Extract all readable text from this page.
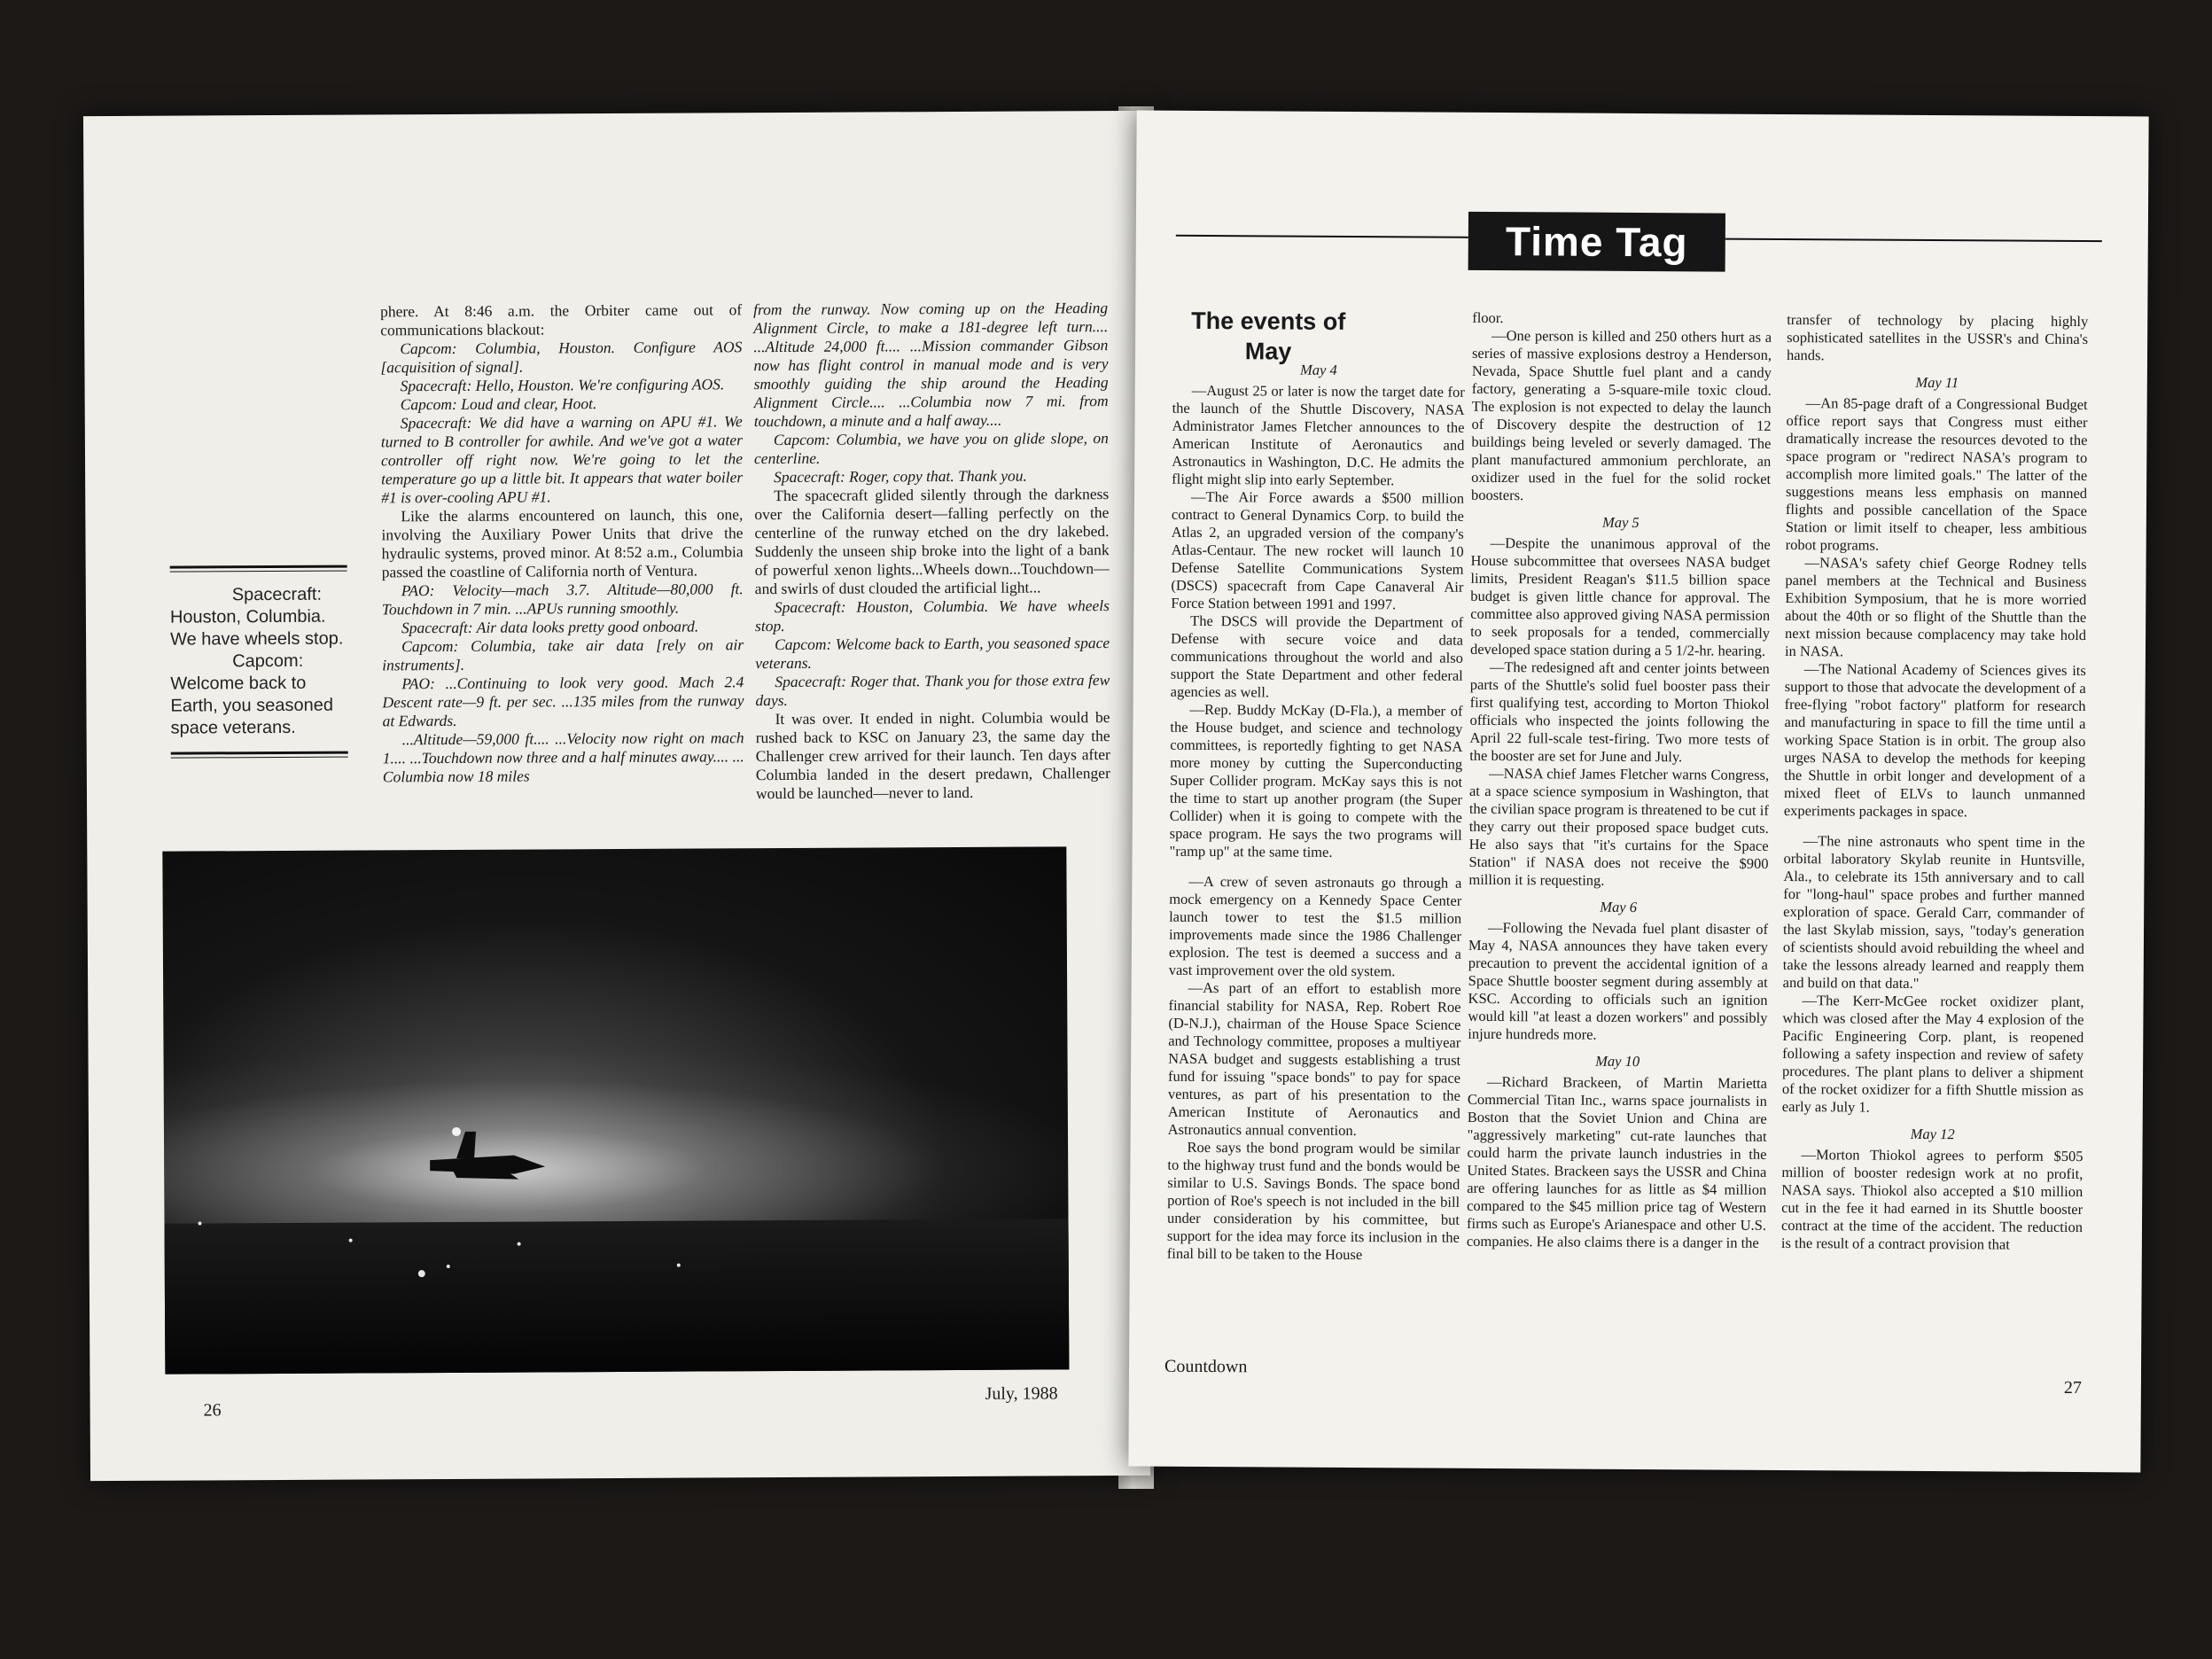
phere. At 8:46 a.m. the Orbiter came out of communications blackout:

Capcom: Columbia, Houston. Configure AOS [acquisition of signal].

Spacecraft: Hello, Houston. We're configuring AOS.

Capcom: Loud and clear, Hoot.

Spacecraft: We did have a warning on APU #1. We turned to B controller for awhile. And we've got a water controller off right now. We're going to let the temperature go up a little bit. It appears that water boiler #1 is over-cooling APU #1.

Like the alarms encountered on launch, this one, involving the Auxiliary Power Units that drive the hydraulic systems, proved minor. At 8:52 a.m., Columbia passed the coastline of California north of Ventura.

PAO: Velocity—mach 3.7. Altitude—80,000 ft. Touchdown in 7 min. ...APUs running smoothly.

Spacecraft: Air data looks pretty good onboard.

Capcom: Columbia, take air data [rely on air instruments].

PAO: ...Continuing to look very good. Mach 2.4 Descent rate—9 ft. per sec. ...135 miles from the runway at Edwards.

...Altitude—59,000 ft.... ...Velocity now right on mach 1.... ...Touchdown now three and a half minutes away.... ... Columbia now 18 miles

from the runway. Now coming up on the Heading Alignment Circle, to make a 181-degree left turn.... ...Altitude 24,000 ft.... ...Mission commander Gibson now has flight control in manual mode and is very smoothly guiding the ship around the Heading Alignment Circle.... ...Columbia now 7 mi. from touchdown, a minute and a half away....

Capcom: Columbia, we have you on glide slope, on centerline.

Spacecraft: Roger, copy that. Thank you.

The spacecraft glided silently through the darkness over the California desert—falling perfectly on the centerline of the runway etched on the dry lakebed. Suddenly the unseen ship broke into the light of a bank of powerful xenon lights...Wheels down...Touchdown—and swirls of dust clouded the artificial light...

Spacecraft: Houston, Columbia. We have wheels stop.

Capcom: Welcome back to Earth, you seasoned space veterans.

Spacecraft: Roger that. Thank you for those extra few days.

It was over. It ended in night. Columbia would be rushed back to KSC on January 23, the same day the Challenger crew arrived for their launch. Ten days after Columbia landed in the desert predawn, Challenger would be launched—never to land.

Spacecraft:
Houston, Columbia.
We have wheels stop.
Capcom:
Welcome back to
Earth, you seasoned
space veterans.
July, 1988
26
Time Tag
The events of May

May 4

—August 25 or later is now the target date for the launch of the Shuttle Discovery, NASA Administrator James Fletcher announces to the American Institute of Aeronautics and Astronautics in Washington, D.C. He admits the flight might slip into early September.

—The Air Force awards a $500 million contract to General Dynamics Corp. to build the Atlas 2, an upgraded version of the company's Atlas-Centaur. The new rocket will launch 10 Defense Satellite Communications System (DSCS) spacecraft from Cape Canaveral Air Force Station between 1991 and 1997.

The DSCS will provide the Department of Defense with secure voice and data communications throughout the world and also support the State Department and other federal agencies as well.

—Rep. Buddy McKay (D-Fla.), a member of the House budget, and science and technology committees, is reportedly fighting to get NASA more money by cutting the Superconducting Super Collider program. McKay says this is not the time to start up another program (the Super Collider) when it is going to compete with the space program. He says the two programs will "ramp up" at the same time.

—A crew of seven astronauts go through a mock emergency on a Kennedy Space Center launch tower to test the $1.5 million improvements made since the 1986 Challenger explosion. The test is deemed a success and a vast improvement over the old system.

—As part of an effort to establish more financial stability for NASA, Rep. Robert Roe (D-N.J.), chairman of the House Space Science and Technology committee, proposes a multiyear NASA budget and suggests establishing a trust fund for issuing "space bonds" to pay for space ventures, as part of his presentation to the American Institute of Aeronautics and Astronautics annual convention.

Roe says the bond program would be similar to the highway trust fund and the bonds would be similar to U.S. Savings Bonds. The space bond portion of Roe's speech is not included in the bill under consideration by his committee, but support for the idea may force its inclusion in the final bill to be taken to the House

floor.

—One person is killed and 250 others hurt as a series of massive explosions destroy a Henderson, Nevada, Space Shuttle fuel plant and a candy factory, generating a 5-square-mile toxic cloud. The explosion is not expected to delay the launch of Discovery despite the destruction of 12 buildings being leveled or severly damaged. The plant manufactured ammonium perchlorate, an oxidizer used in the fuel for the solid rocket boosters.

May 5

—Despite the unanimous approval of the House subcommittee that oversees NASA budget limits, President Reagan's $11.5 billion space budget is given little chance for approval. The committee also approved giving NASA permission to seek proposals for a tended, commercially developed space station during a 5 1/2-hr. hearing.

—The redesigned aft and center joints between parts of the Shuttle's solid fuel booster pass their first qualifying test, according to Morton Thiokol officials who inspected the joints following the April 22 full-scale test-firing. Two more tests of the booster are set for June and July.

—NASA chief James Fletcher warns Congress, at a space science symposium in Washington, that the civilian space program is threatened to be cut if they carry out their proposed space budget cuts. He also says that "it's curtains for the Space Station" if NASA does not receive the $900 million it is requesting.

May 6

—Following the Nevada fuel plant disaster of May 4, NASA announces they have taken every precaution to prevent the accidental ignition of a Space Shuttle booster segment during assembly at KSC. According to officials such an ignition would kill "at least a dozen workers" and possibly injure hundreds more.

May 10

—Richard Brackeen, of Martin Marietta Commercial Titan Inc., warns space journalists in Boston that the Soviet Union and China are "aggressively marketing" cut-rate launches that could harm the private launch industries in the United States. Brackeen says the USSR and China are offering launches for as little as $4 million compared to the $45 million price tag of Western firms such as Europe's Arianespace and other U.S. companies. He also claims there is a danger in the

transfer of technology by placing highly sophisticated satellites in the USSR's and China's hands.

May 11

—An 85-page draft of a Congressional Budget office report says that Congress must either dramatically increase the resources devoted to the space program or "redirect NASA's program to accomplish more limited goals." The latter of the suggestions means less emphasis on manned flights and possible cancellation of the Space Station or limit itself to cheaper, less ambitious robot programs.

—NASA's safety chief George Rodney tells panel members at the Technical and Business Exhibition Symposium, that he is more worried about the 40th or so flight of the Shuttle than the next mission because complacency may take hold in NASA.

—The National Academy of Sciences gives its support to those that advocate the development of a free-flying "robot factory" platform for research and manufacturing in space to fill the time until a working Space Station is in orbit. The group also urges NASA to develop the methods for keeping the Shuttle in orbit longer and development of a mixed fleet of ELVs to launch unmanned experiments packages in space.

—The nine astronauts who spent time in the orbital laboratory Skylab reunite in Huntsville, Ala., to celebrate its 15th anniversary and to call for "long-haul" space probes and further manned exploration of space. Gerald Carr, commander of the last Skylab mission, says, "today's generation of scientists should avoid rebuilding the wheel and take the lessons already learned and reapply them and build on that data."

—The Kerr-McGee rocket oxidizer plant, which was closed after the May 4 explosion of the Pacific Engineering Corp. plant, is reopened following a safety inspection and review of safety procedures. The plant plans to deliver a shipment of the rocket oxidizer for a fifth Shuttle mission as early as July 1.

May 12

—Morton Thiokol agrees to perform $505 million of booster redesign work at no profit, NASA says. Thiokol also accepted a $10 million cut in the fee it had earned in its Shuttle booster contract at the time of the accident. The reduction is the result of a contract provision that

Countdown
27
